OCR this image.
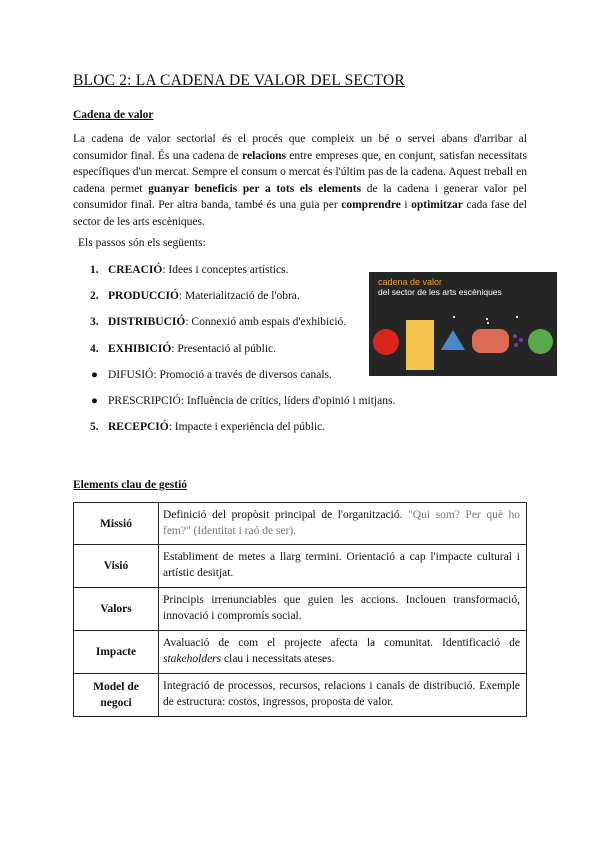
BLOC 2: LA CADENA DE VALOR DEL SECTOR
Cadena de valor

La cadena de valor sectorial és el procés que compleix un bé o servei abans d'arribar al consumidor final. És una cadena de relacions entre empreses que, en conjunt, satisfan necessitats específiques d'un mercat. Sempre el consum o mercat és l'últim pas de la cadena. Aquest treball en cadena permet guanyar beneficis per a tots els elements de la cadena i generar valor pel consumidor final. Per altra banda, també és una guia per comprendre i optimitzar cada fase del sector de les arts escèniques.

Els passos són els següents:
1. CREACIÓ: Idees i conceptes artístics.
2. PRODUCCIÓ: Materialització de l'obra.
3. DISTRIBUCIÓ: Connexió amb espais d'exhibició.
4. EXHIBICIÓ: Presentació al públic.
● DIFUSIÓ: Promoció a través de diversos canals.
● PRESCRIPCIÓ: Influència de crítics, líders d'opinió i mitjans.
5. RECEPCIÓ: Impacte i experiència del públic.
cadena de valor
del sector de les arts escèniques
Elements clau de gestió
Missió	Definició del propòsit principal de l'organització. "Qui som? Per què ho fem?" (Identitat i raó de ser).
Visió	Establiment de metes a llarg termini. Orientació a cap l'impacte cultural i artístic desitjat.
Valors	Principis irrenunciables que guien les accions. Inclouen transformació, innovació i compromís social.
Impacte	Avaluació de com el projecte afecta la comunitat. Identificació de stakeholders clau i necessitats ateses.
Model de negoci	Integració de processos, recursos, relacions i canals de distribució. Exemple de estructura: costos, ingressos, proposta de valor.
